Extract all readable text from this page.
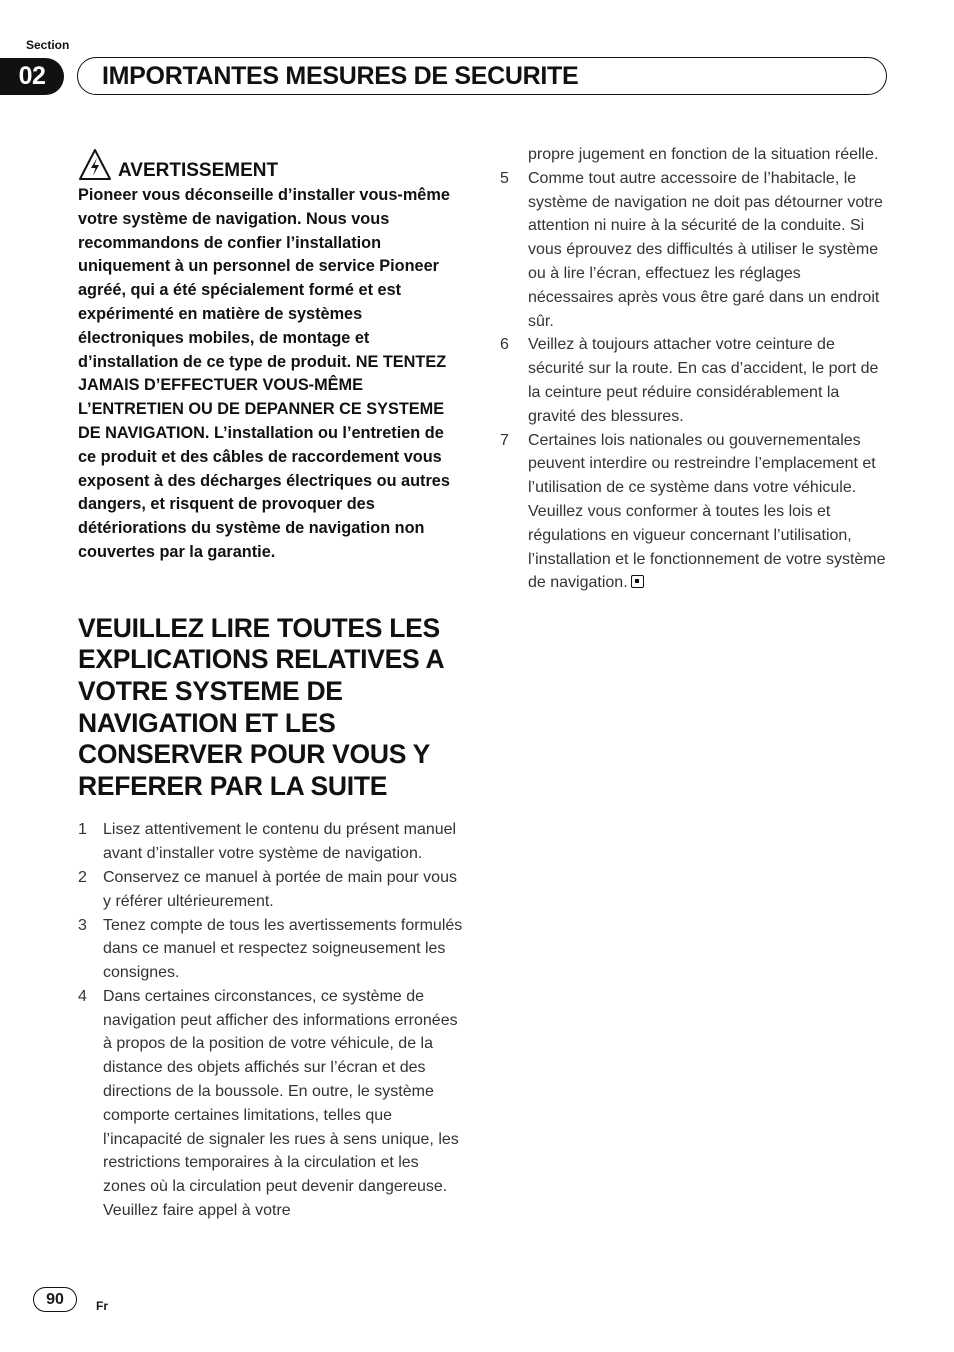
Section
02	IMPORTANTES MESURES DE SECURITE
AVERTISSEMENT

Pioneer vous déconseille d’installer vous-même votre système de navigation. Nous vous recommandons de confier l’installation uniquement à un personnel de service Pioneer agréé, qui a été spécialement formé et est expérimenté en matière de systèmes électroniques mobiles, de montage et d’installation de ce type de produit. NE TENTEZ JAMAIS D’EFFECTUER VOUS-MÊME L’ENTRETIEN OU DE DEPANNER CE SYSTEME DE NAVIGATION. L’installation ou l’entretien de ce produit et des câbles de raccordement vous exposent à des décharges électriques ou autres dangers, et risquent de provoquer des détériorations du système de navigation non couvertes par la garantie.

VEUILLEZ LIRE TOUTES LES EXPLICATIONS RELATIVES A VOTRE SYSTEME DE NAVIGATION ET LES CONSERVER POUR VOUS Y REFERER PAR LA SUITE
1	Lisez attentivement le contenu du présent manuel avant d’installer votre système de navigation.
2	Conservez ce manuel à portée de main pour vous y référer ultérieurement.
3	Tenez compte de tous les avertissements formulés dans ce manuel et respectez soigneusement les consignes.
4	Dans certaines circonstances, ce système de navigation peut afficher des informations erronées à propos de la position de votre véhicule, de la distance des objets affichés sur l’écran et des directions de la boussole. En outre, le système comporte certaines limitations, telles que l’incapacité de signaler les rues à sens unique, les restrictions temporaires à la circulation et les zones où la circulation peut devenir dangereuse. Veuillez faire appel à votre
propre jugement en fonction de la situation réelle.
5	Comme tout autre accessoire de l’habitacle, le système de navigation ne doit pas détourner votre attention ni nuire à la sécurité de la conduite. Si vous éprouvez des difficultés à utiliser le système ou à lire l’écran, effectuez les réglages nécessaires après vous être garé dans un endroit sûr.
6	Veillez à toujours attacher votre ceinture de sécurité sur la route. En cas d’accident, le port de la ceinture peut réduire considérablement la gravité des blessures.
7	Certaines lois nationales ou gouvernementales peuvent interdire ou restreindre l’emplacement et l’utilisation de ce système dans votre véhicule. Veuillez vous conformer à toutes les lois et régulations en vigueur concernant l’utilisation, l’installation et le fonctionnement de votre système de navigation.
90	Fr
